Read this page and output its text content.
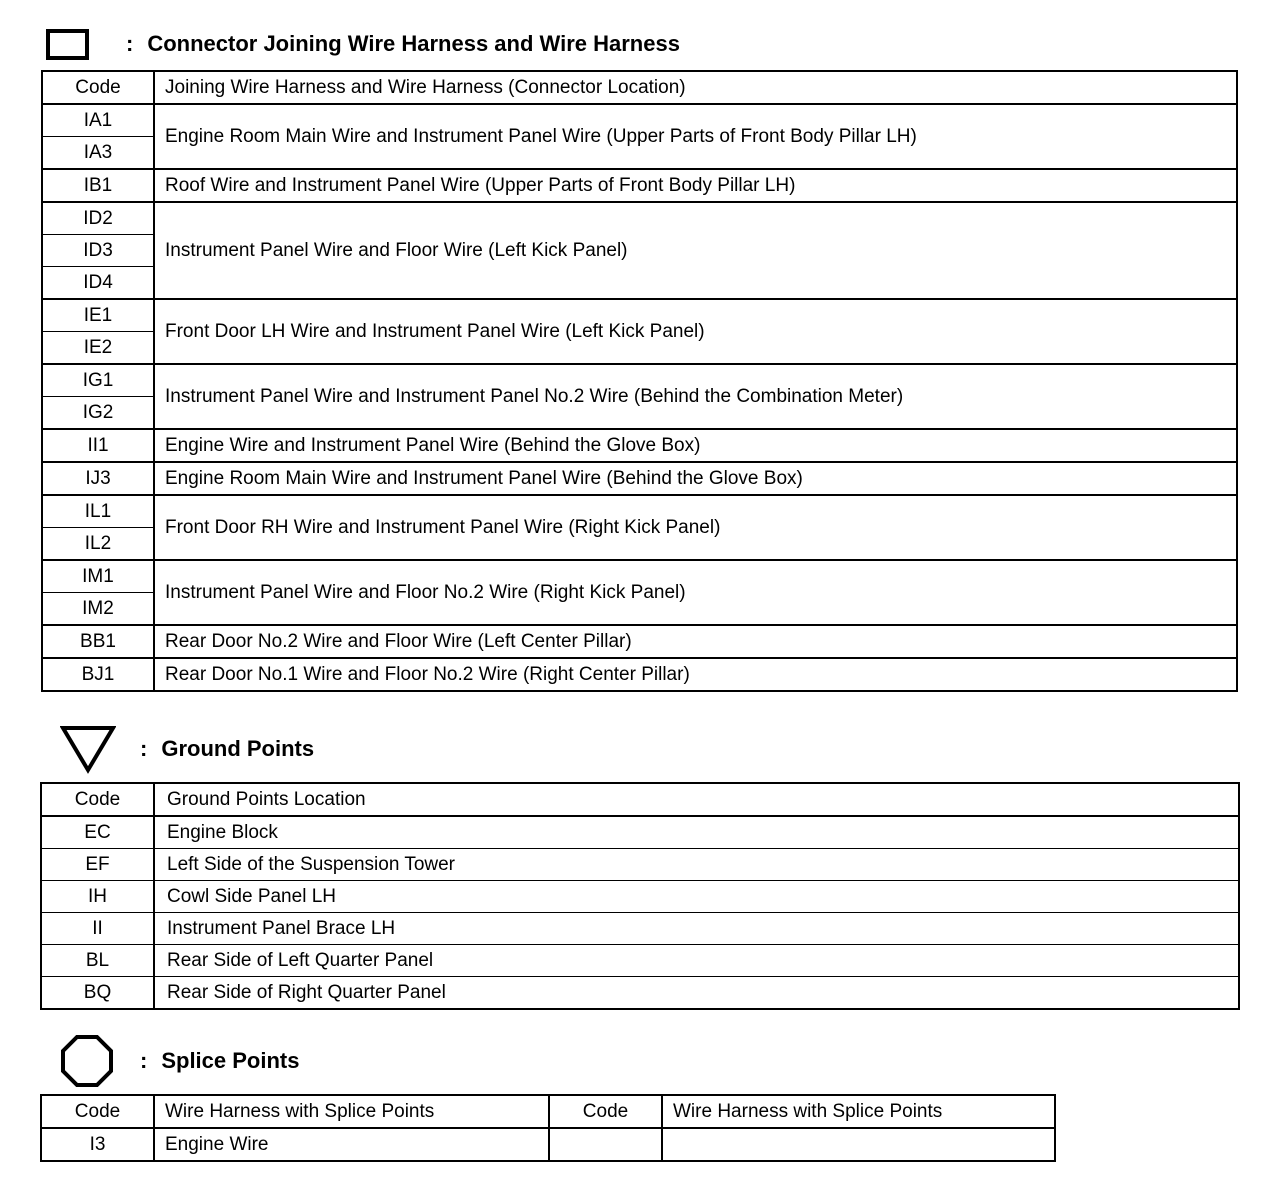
: Connector Joining Wire Harness and Wire Harness
Code	Joining Wire Harness and Wire Harness (Connector Location)
IA1	Engine Room Main Wire and Instrument Panel Wire (Upper Parts of Front Body Pillar LH)
IA3	
IB1	Roof Wire and Instrument Panel Wire (Upper Parts of Front Body Pillar LH)
ID2	Instrument Panel Wire and Floor Wire (Left Kick Panel)
ID3	
ID4	
IE1	Front Door LH Wire and Instrument Panel Wire (Left Kick Panel)
IE2	
IG1	Instrument Panel Wire and Instrument Panel No.2 Wire (Behind the Combination Meter)
IG2	
II1	Engine Wire and Instrument Panel Wire (Behind the Glove Box)
IJ3	Engine Room Main Wire and Instrument Panel Wire (Behind the Glove Box)
IL1	Front Door RH Wire and Instrument Panel Wire (Right Kick Panel)
IL2	
IM1	Instrument Panel Wire and Floor No.2 Wire (Right Kick Panel)
IM2	
BB1	Rear Door No.2 Wire and Floor Wire (Left Center Pillar)
BJ1	Rear Door No.1 Wire and Floor No.2 Wire (Right Center Pillar)
: Ground Points
Code	Ground Points Location
EC	Engine Block
EF	Left Side of the Suspension Tower
IH	Cowl Side Panel LH
II	Instrument Panel Brace LH
BL	Rear Side of Left Quarter Panel
BQ	Rear Side of Right Quarter Panel
: Splice Points
Code	Wire Harness with Splice Points	Code	Wire Harness with Splice Points
I3	Engine Wire		
